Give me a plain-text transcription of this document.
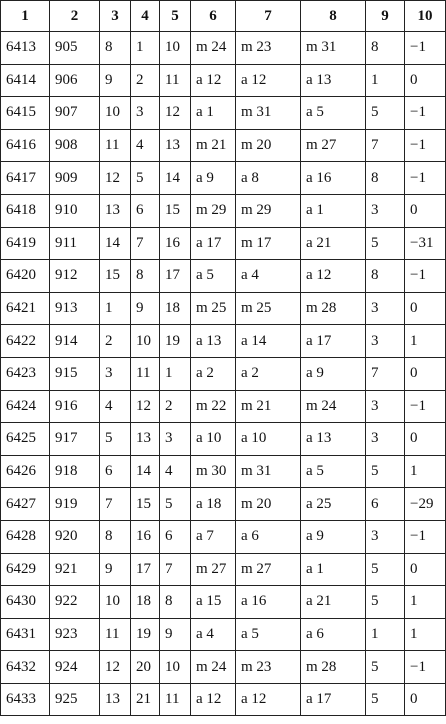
1	2	3	4	5	6	7	8	9	10
6413	905	8	1	10	m 24	m 23	m 31	8	−1
6414	906	9	2	11	a 12	a 12	a 13	1	0
6415	907	10	3	12	a 1	m 31	a 5	5	−1
6416	908	11	4	13	m 21	m 20	m 27	7	−1
6417	909	12	5	14	a 9	a 8	a 16	8	−1
6418	910	13	6	15	m 29	m 29	a 1	3	0
6419	911	14	7	16	a 17	m 17	a 21	5	−31
6420	912	15	8	17	a 5	a 4	a 12	8	−1
6421	913	1	9	18	m 25	m 25	m 28	3	0
6422	914	2	10	19	a 13	a 14	a 17	3	1
6423	915	3	11	1	a 2	a 2	a 9	7	0
6424	916	4	12	2	m 22	m 21	m 24	3	−1
6425	917	5	13	3	a 10	a 10	a 13	3	0
6426	918	6	14	4	m 30	m 31	a 5	5	1
6427	919	7	15	5	a 18	m 20	a 25	6	−29
6428	920	8	16	6	a 7	a 6	a 9	3	−1
6429	921	9	17	7	m 27	m 27	a 1	5	0
6430	922	10	18	8	a 15	a 16	a 21	5	1
6431	923	11	19	9	a 4	a 5	a 6	1	1
6432	924	12	20	10	m 24	m 23	m 28	5	−1
6433	925	13	21	11	a 12	a 12	a 17	5	0
